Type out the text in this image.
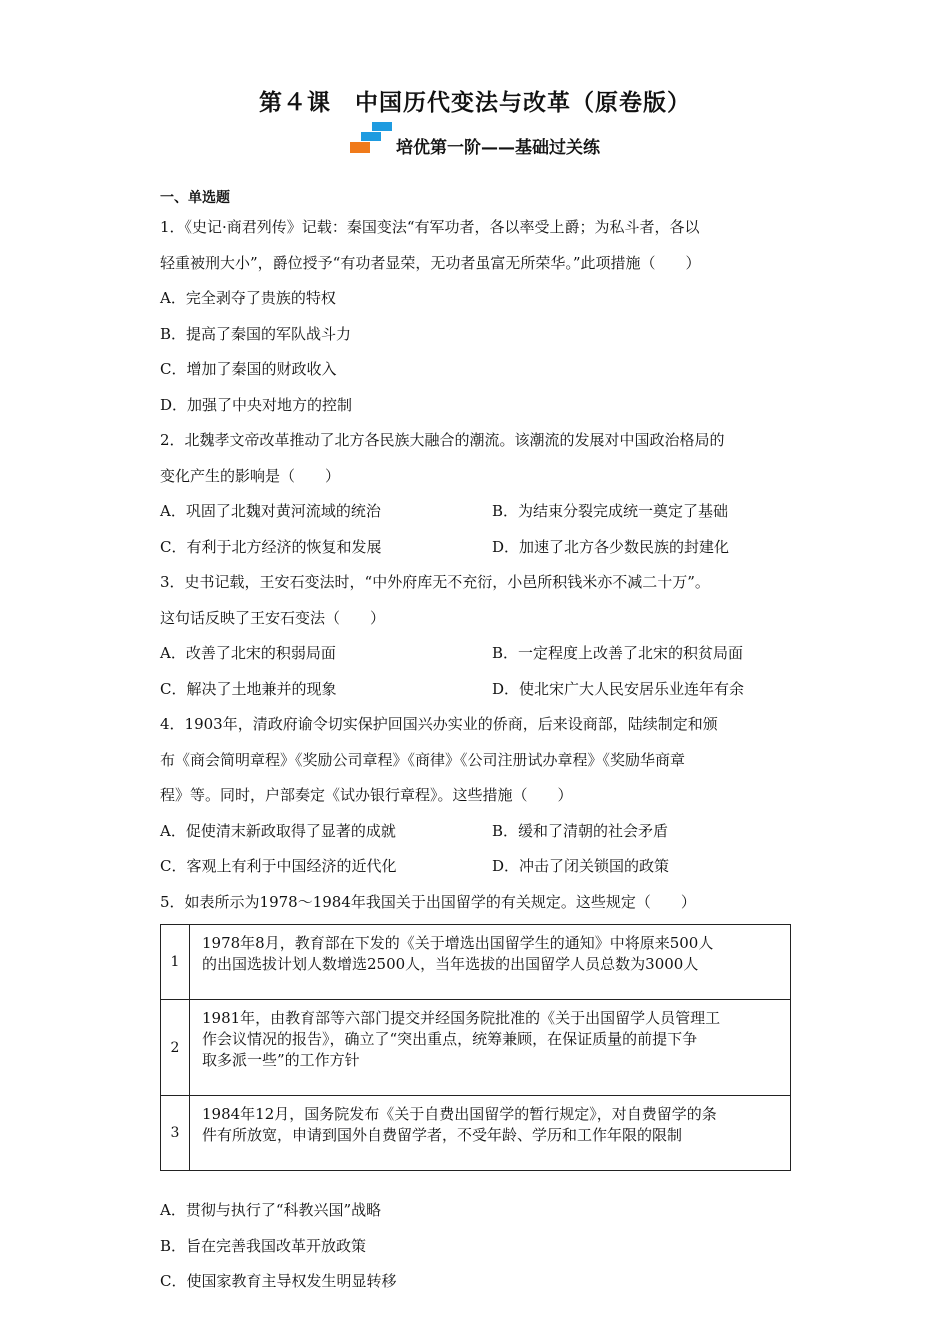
第４课　中国历代变法与改革（原卷版）
培优第一阶——基础过关练
一、单选题
1．《史记·商君列传》记载：秦国变法“有军功者，各以率受上爵；为私斗者，各以
轻重被刑大小”，爵位授予“有功者显荣，无功者虽富无所荣华。”此项措施（　　）
A．完全剥夺了贵族的特权
B．提高了秦国的军队战斗力
C．增加了秦国的财政收入
D．加强了中央对地方的控制
2．北魏孝文帝改革推动了北方各民族大融合的潮流。该潮流的发展对中国政治格局的
变化产生的影响是（　　）
A．巩固了北魏对黄河流域的统治	B．为结束分裂完成统一奠定了基础
C．有利于北方经济的恢复和发展	D．加速了北方各少数民族的封建化
3．史书记载，王安石变法时，“中外府库无不充衍，小邑所积钱米亦不减二十万”。
这句话反映了王安石变法（　　）
A．改善了北宋的积弱局面	B．一定程度上改善了北宋的积贫局面
C．解决了土地兼并的现象	D．使北宋广大人民安居乐业连年有余
4．1903年，清政府谕令切实保护回国兴办实业的侨商，后来设商部，陆续制定和颁
布《商会简明章程》《奖励公司章程》《商律》《公司注册试办章程》《奖励华商章
程》等。同时，户部奏定《试办银行章程》。这些措施（　　）
A．促使清末新政取得了显著的成就	B．缓和了清朝的社会矛盾
C．客观上有利于中国经济的近代化	D．冲击了闭关锁国的政策
5．如表所示为1978～1984年我国关于出国留学的有关规定。这些规定（　　）
1	1978年8月，教育部在下发的《关于增选出国留学生的通知》中将原来500人
的出国选拔计划人数增选2500人，当年选拔的出国留学人员总数为3000人

2	1981年，由教育部等六部门提交并经国务院批准的《关于出国留学人员管理工
作会议情况的报告》，确立了“突出重点，统筹兼顾，在保证质量的前提下争
取多派一些”的工作方针

3	1984年12月，国务院发布《关于自费出国留学的暂行规定》，对自费留学的条
件有所放宽，申请到国外自费留学者，不受年龄、学历和工作年限的限制
A．贯彻与执行了“科教兴国”战略
B．旨在完善我国改革开放政策
C．使国家教育主导权发生明显转移
